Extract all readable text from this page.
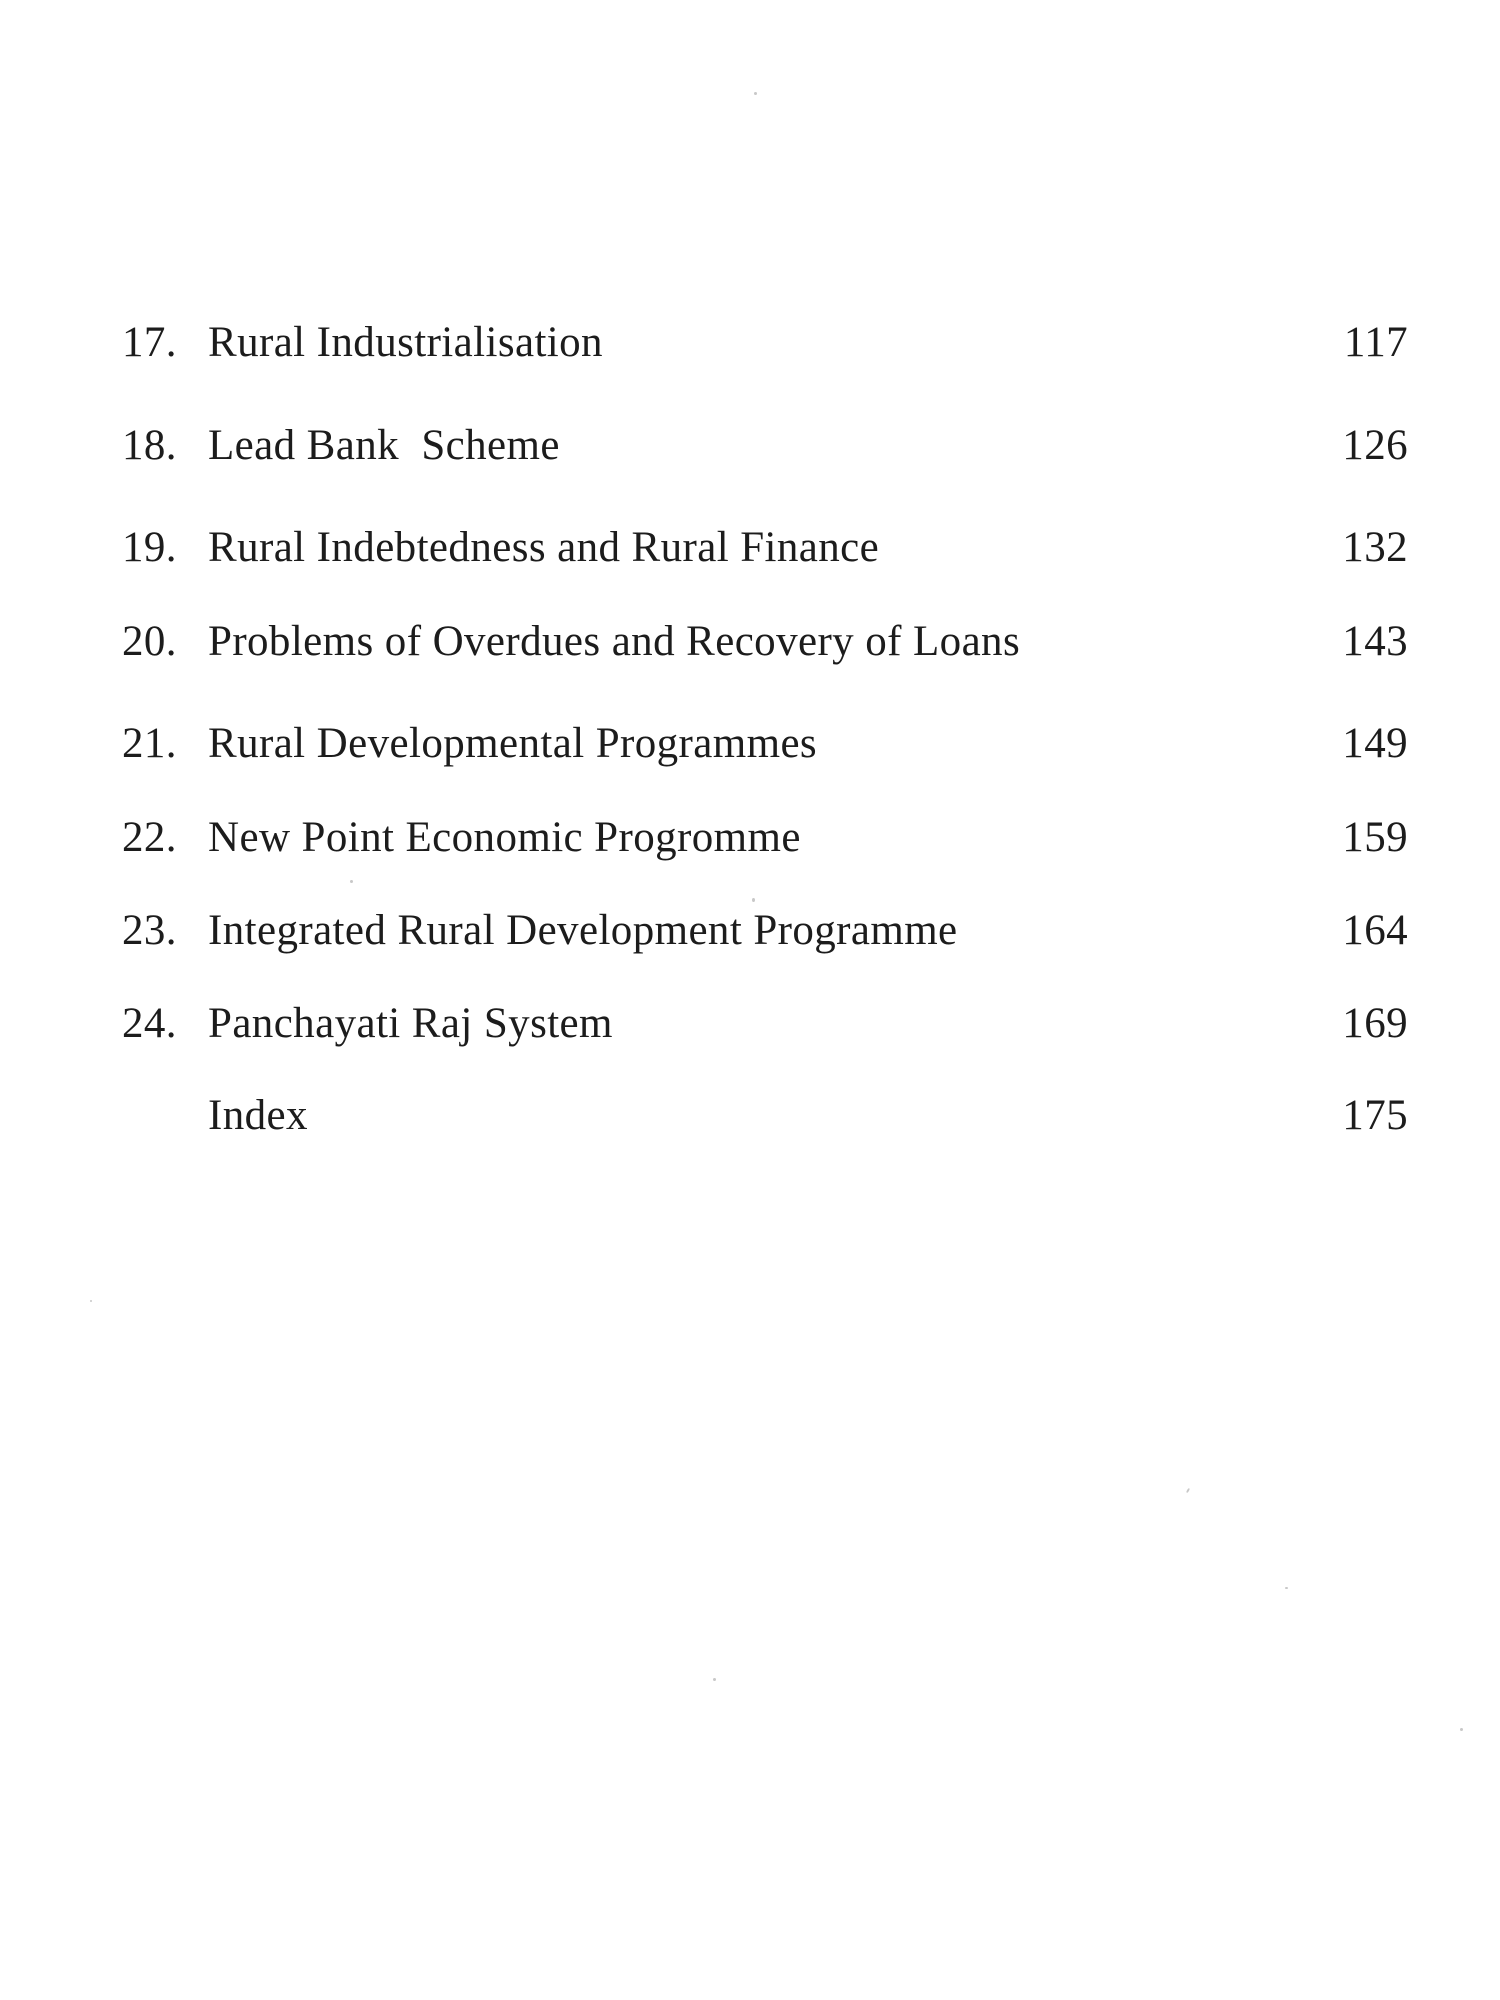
17. Rural Industrialisation	117
18. Lead Bank  Scheme	126
19. Rural Indebtedness and Rural Finance	132
20. Problems of Overdues and Recovery of Loans	143
21. Rural Developmental Programmes	149
22. New Point Economic Progromme	159
23. Integrated Rural Development Programme	164
24. Panchayati Raj System	169
Index	175
